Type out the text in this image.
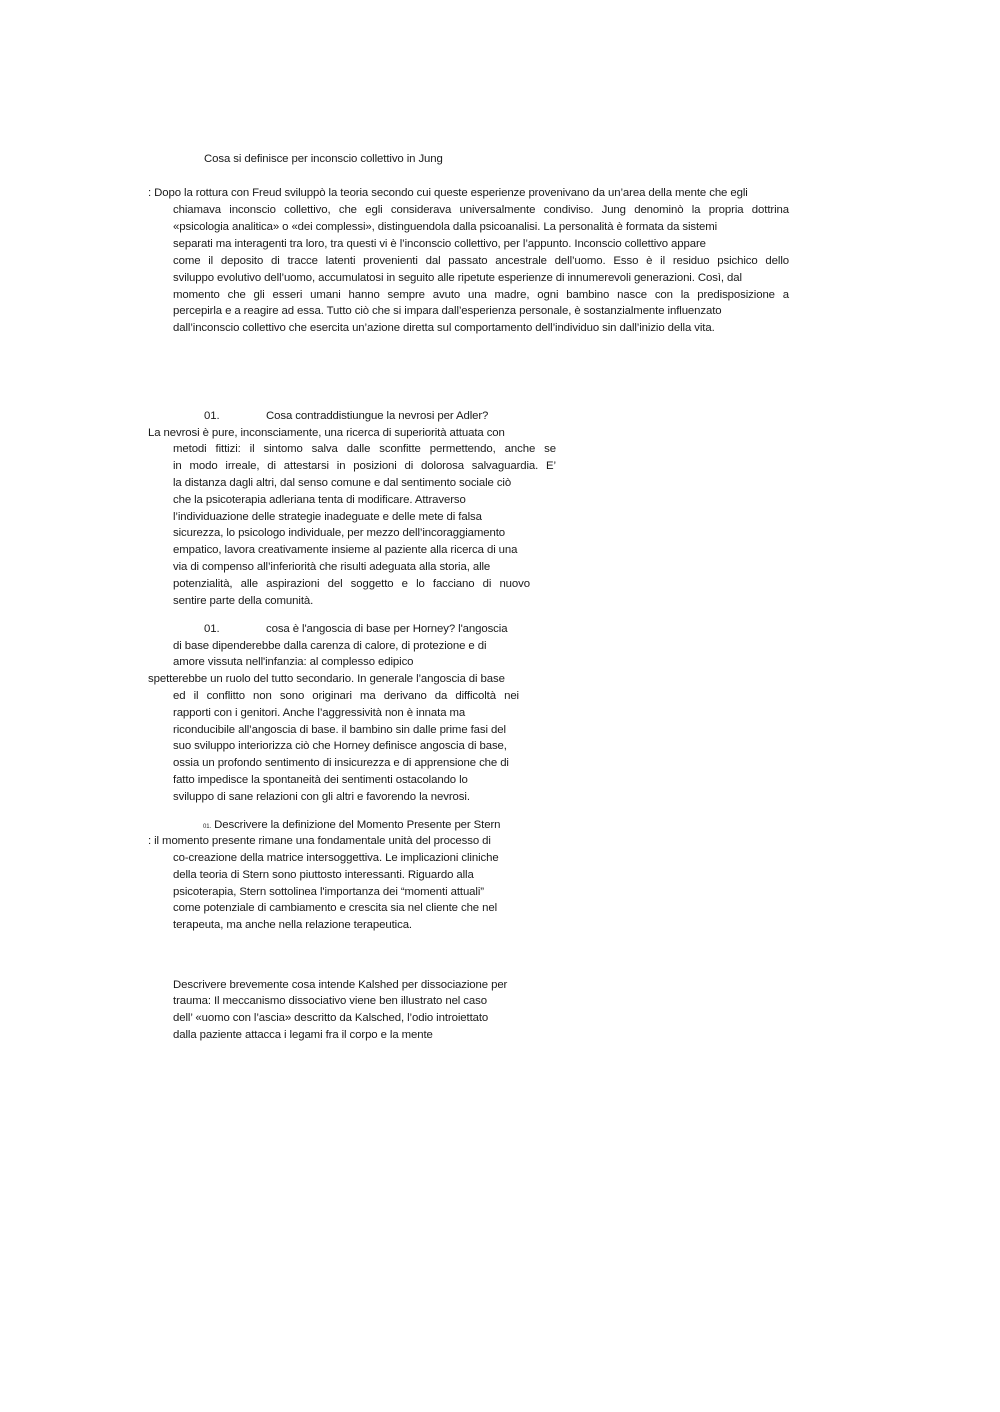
Cosa si definisce per inconscio collettivo in Jung
: Dopo la rottura con Freud sviluppò la teoria secondo cui queste esperienze provenivano da un’area della mente che egli
chiamava inconscio collettivo, che egli considerava universalmente condiviso. Jung denominò la propria dottrina
«psicologia analitica» o «dei complessi», distinguendola dalla psicoanalisi. La personalità è formata da sistemi
separati ma interagenti tra loro, tra questi vi è l’inconscio collettivo, per l’appunto. Inconscio collettivo appare
come il deposito di tracce latenti provenienti dal passato ancestrale dell’uomo. Esso è il residuo psichico dello
sviluppo evolutivo dell’uomo, accumulatosi in seguito alle ripetute esperienze di innumerevoli generazioni. Così, dal
momento che gli esseri umani hanno sempre avuto una madre, ogni bambino nasce con la predisposizione a
percepirla e a reagire ad essa. Tutto ciò che si impara dall’esperienza personale, è sostanzialmente influenzato
dall’inconscio collettivo che esercita un’azione diretta sul comportamento dell’individuo sin dall’inizio della vita.
01.	Cosa contraddistiungue la nevrosi per Adler?
La nevrosi è pure, inconsciamente, una ricerca di superiorità attuata con
metodi fittizi: il sintomo salva dalle sconfitte permettendo, anche se
in modo irreale, di attestarsi in posizioni di dolorosa salvaguardia. E’
la distanza dagli altri, dal senso comune e dal sentimento sociale ciò
che la psicoterapia adleriana tenta di modificare. Attraverso
l’individuazione delle strategie inadeguate e delle mete di falsa
sicurezza, lo psicologo individuale, per mezzo dell’incoraggiamento
empatico, lavora creativamente insieme al paziente alla ricerca di una
via di compenso all’inferiorità che risulti adeguata alla storia, alle
potenzialità, alle aspirazioni del soggetto e lo facciano di nuovo
sentire parte della comunità.
01.	cosa è l'angoscia di base per Horney? l'angoscia
di base dipenderebbe dalla carenza di calore, di protezione e di
amore vissuta nell'infanzia: al complesso edipico
spetterebbe un ruolo del tutto secondario. In generale l’angoscia di base
ed il conflitto non sono originari ma derivano da difficoltà nei
rapporti con i genitori. Anche l’aggressività non è innata ma
riconducibile all’angoscia di base. il bambino sin dalle prime fasi del
suo sviluppo interiorizza ciò che Horney definisce angoscia di base,
ossia un profondo sentimento di insicurezza e di apprensione che di
fatto impedisce la spontaneità dei sentimenti ostacolando lo
sviluppo di sane relazioni con gli altri e favorendo la nevrosi.
01. Descrivere la definizione del Momento Presente per Stern
: il momento presente rimane una fondamentale unità del processo di
co-creazione della matrice intersoggettiva. Le implicazioni cliniche
della teoria di Stern sono piuttosto interessanti. Riguardo alla
psicoterapia, Stern sottolinea l'importanza dei “momenti attuali”
come potenziale di cambiamento e crescita sia nel cliente che nel
terapeuta, ma anche nella relazione terapeutica.
Descrivere brevemente cosa intende Kalshed per dissociazione per
trauma: Il meccanismo dissociativo viene ben illustrato nel caso
dell’ «uomo con l’ascia» descritto da Kalsched, l’odio introiettato
dalla paziente attacca i legami fra il corpo e la mente
